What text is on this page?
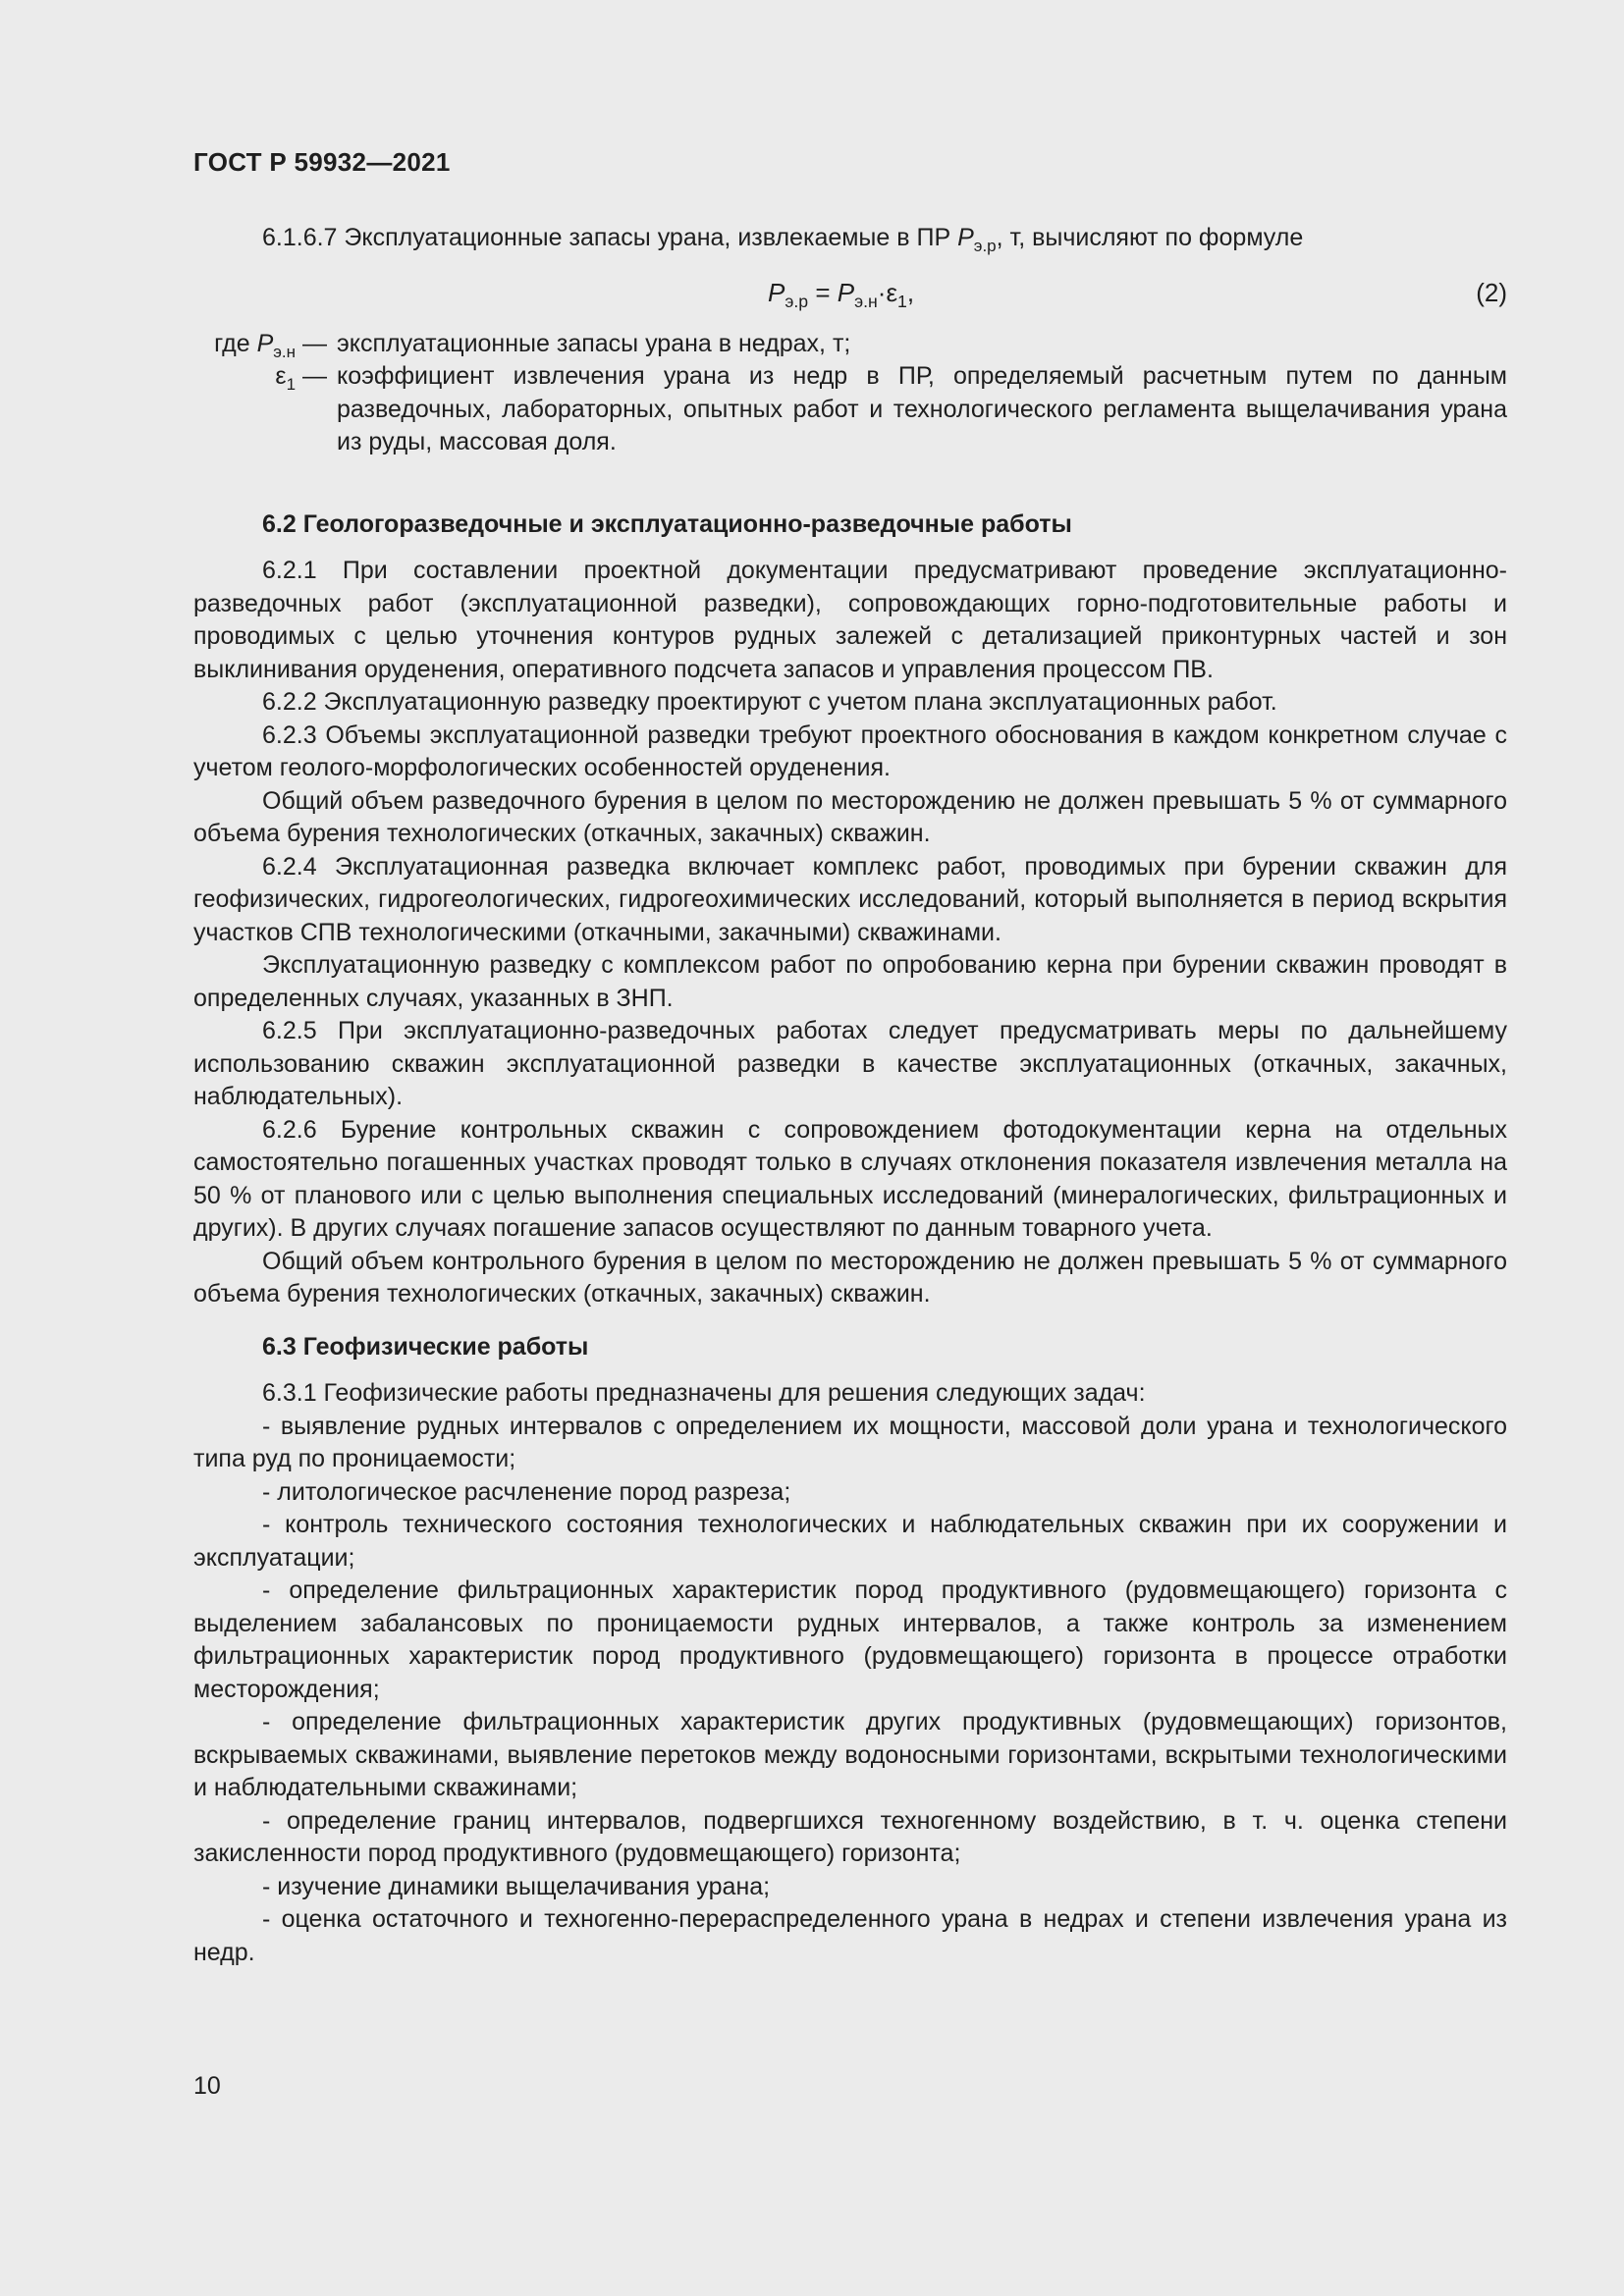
ГОСТ Р 59932—2021

6.1.6.7 Эксплуатационные запасы урана, извлекаемые в ПР $P_{э.р}$, т, вычисляют по формуле

$P_{э.р} = P_{э.н}\cdot\varepsilon_1$,	(2)
где $P_{э.н}$ — эксплуатационные запасы урана в недрах, т;
$\varepsilon_1$ — коэффициент извлечения урана из недр в ПР, определяемый расчетным путем по данным разведочных, лабораторных, опытных работ и технологического регламента выщелачивания урана из руды, массовая доля.
6.2 Геологоразведочные и эксплуатационно-разведочные работы

6.2.1 При составлении проектной документации предусматривают проведение эксплуатационно-разведочных работ (эксплуатационной разведки), сопровождающих горно-подготовительные работы и проводимых с целью уточнения контуров рудных залежей с детализацией приконтурных частей и зон выклинивания оруденения, оперативного подсчета запасов и управления процессом ПВ.

6.2.2 Эксплуатационную разведку проектируют с учетом плана эксплуатационных работ.

6.2.3 Объемы эксплуатационной разведки требуют проектного обоснования в каждом конкретном случае с учетом геолого-морфологических особенностей оруденения.

Общий объем разведочного бурения в целом по месторождению не должен превышать 5 % от суммарного объема бурения технологических (откачных, закачных) скважин.

6.2.4 Эксплуатационная разведка включает комплекс работ, проводимых при бурении скважин для геофизических, гидрогеологических, гидрогеохимических исследований, который выполняется в период вскрытия участков СПВ технологическими (откачными, закачными) скважинами.

Эксплуатационную разведку с комплексом работ по опробованию керна при бурении скважин проводят в определенных случаях, указанных в ЗНП.

6.2.5 При эксплуатационно-разведочных работах следует предусматривать меры по дальнейшему использованию скважин эксплуатационной разведки в качестве эксплуатационных (откачных, закачных, наблюдательных).

6.2.6 Бурение контрольных скважин с сопровождением фотодокументации керна на отдельных самостоятельно погашенных участках проводят только в случаях отклонения показателя извлечения металла на 50 % от планового или с целью выполнения специальных исследований (минералогических, фильтрационных и других). В других случаях погашение запасов осуществляют по данным товарного учета.

Общий объем контрольного бурения в целом по месторождению не должен превышать 5 % от суммарного объема бурения технологических (откачных, закачных) скважин.

6.3 Геофизические работы

6.3.1 Геофизические работы предназначены для решения следующих задач:

- выявление рудных интервалов с определением их мощности, массовой доли урана и технологического типа руд по проницаемости;

- литологическое расчленение пород разреза;

- контроль технического состояния технологических и наблюдательных скважин при их сооружении и эксплуатации;

- определение фильтрационных характеристик пород продуктивного (рудовмещающего) горизонта с выделением забалансовых по проницаемости рудных интервалов, а также контроль за изменением фильтрационных характеристик пород продуктивного (рудовмещающего) горизонта в процессе отработки месторождения;

- определение фильтрационных характеристик других продуктивных (рудовмещающих) горизонтов, вскрываемых скважинами, выявление перетоков между водоносными горизонтами, вскрытыми технологическими и наблюдательными скважинами;

- определение границ интервалов, подвергшихся техногенному воздействию, в т. ч. оценка степени закисленности пород продуктивного (рудовмещающего) горизонта;

- изучение динамики выщелачивания урана;

- оценка остаточного и техногенно-перераспределенного урана в недрах и степени извлечения урана из недр.

10
